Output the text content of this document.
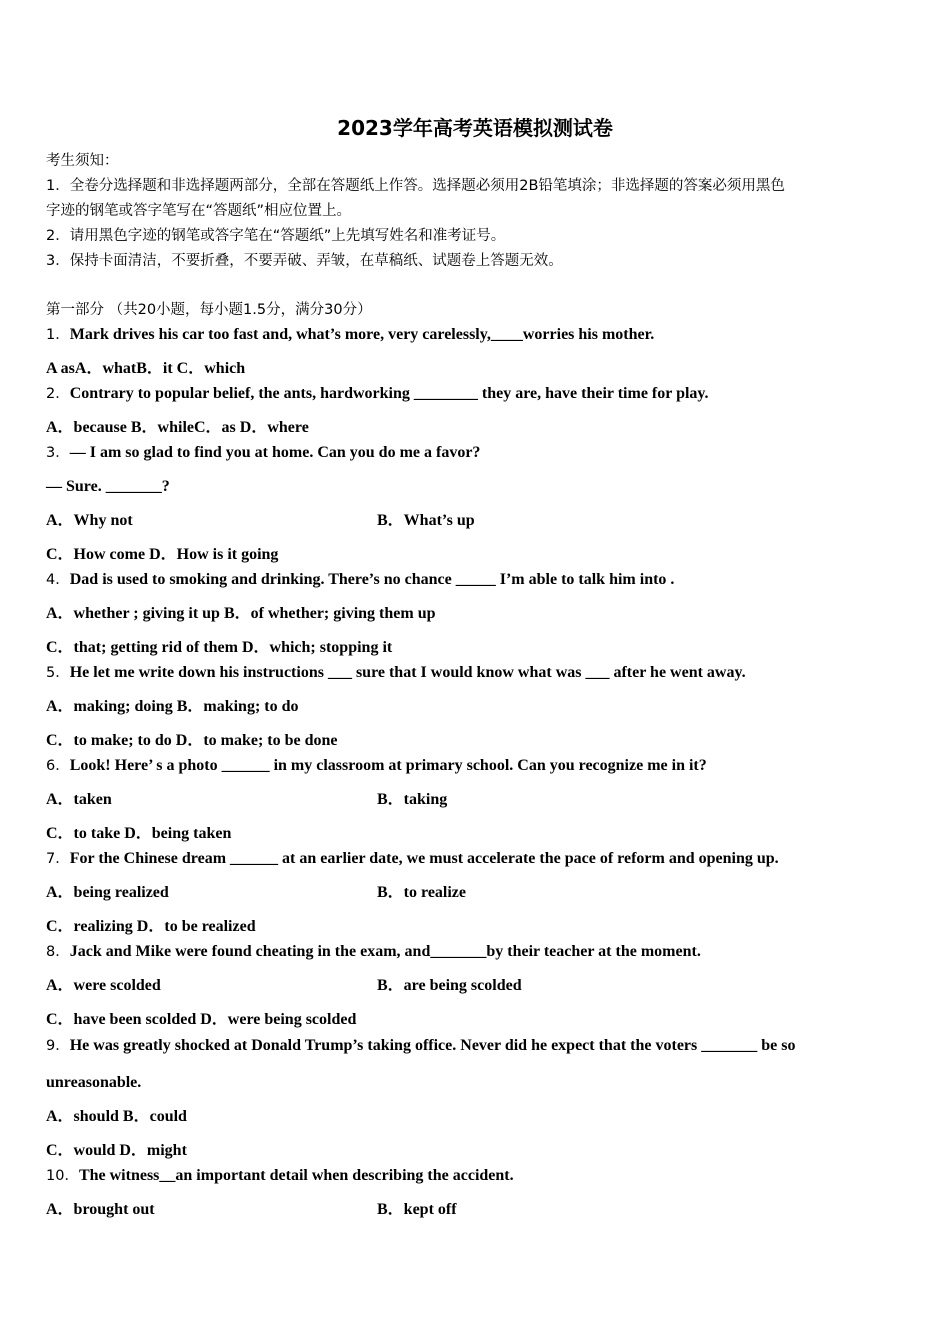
2023学年高考英语模拟测试卷
考生须知：
1．全卷分选择题和非选择题两部分，全部在答题纸上作答。选择题必须用2B铅笔填涂；非选择题的答案必须用黑色
字迹的钢笔或答字笔写在“答题纸”相应位置上。
2．请用黑色字迹的钢笔或答字笔在“答题纸”上先填写姓名和准考证号。
3．保持卡面清洁，不要折叠，不要弄破、弄皱，在草稿纸、试题卷上答题无效。
第一部分 （共20小题，每小题1.5分，满分30分）
1．Mark drives his car too fast and, what’s more, very carelessly,____worries his mother.
A asA．whatB．it C．which
2．Contrary to popular belief, the ants, hardworking ________ they are, have their time for play.
A．because B．whileC．as D．where
3．— I am so glad to find you at home. Can you do me a favor?
— Sure. _______?
A．Why not	B．What’s up
C．How come D．How is it going
4．Dad is used to smoking and drinking. There’s no chance _____ I’m able to talk him into .
A．whether ; giving it up B．of whether; giving them up
C．that; getting rid of them D．which; stopping it
5．He let me write down his instructions ___ sure that I would know what was ___ after he went away.
A．making; doing B．making; to do
C．to make; to do D．to make; to be done
6．Look! Here’ s a photo ______ in my classroom at primary school. Can you recognize me in it?
A．taken	B．taking
C．to take D．being taken
7．For the Chinese dream ______ at an earlier date, we must accelerate the pace of reform and opening up.
A．being realized	B．to realize
C．realizing D．to be realized
8．Jack and Mike were found cheating in the exam, and_______by their teacher at the moment.
A．were scolded	B．are being scolded
C．have been scolded D．were being scolded
9．He was greatly shocked at Donald Trump’s taking office. Never did he expect that the voters _______ be so
unreasonable.
A．should B．could
C．would D．might
10．The witness__an important detail when describing the accident.
A．brought out	B．kept off
